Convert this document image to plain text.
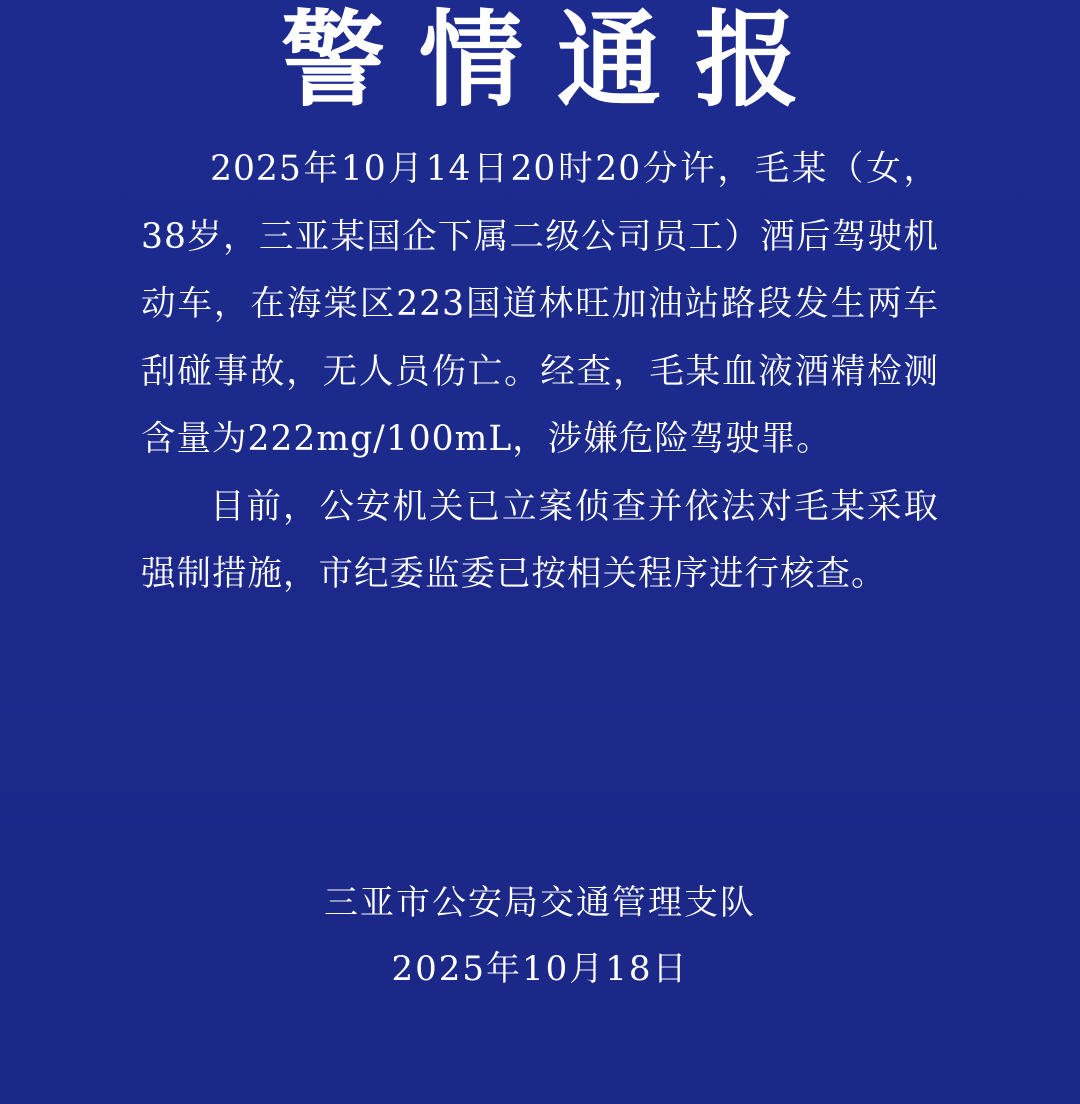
警情通报

2025年10月14日20时20分许，毛某（女，38岁，三亚某国企下属二级公司员工）酒后驾驶机动车，在海棠区223国道林旺加油站路段发生两车刮碰事故，无人员伤亡。经查，毛某血液酒精检测含量为222mg/100mL，涉嫌危险驾驶罪。

目前，公安机关已立案侦查并依法对毛某采取强制措施，市纪委监委已按相关程序进行核查。

三亚市公安局交通管理支队
2025年10月18日
